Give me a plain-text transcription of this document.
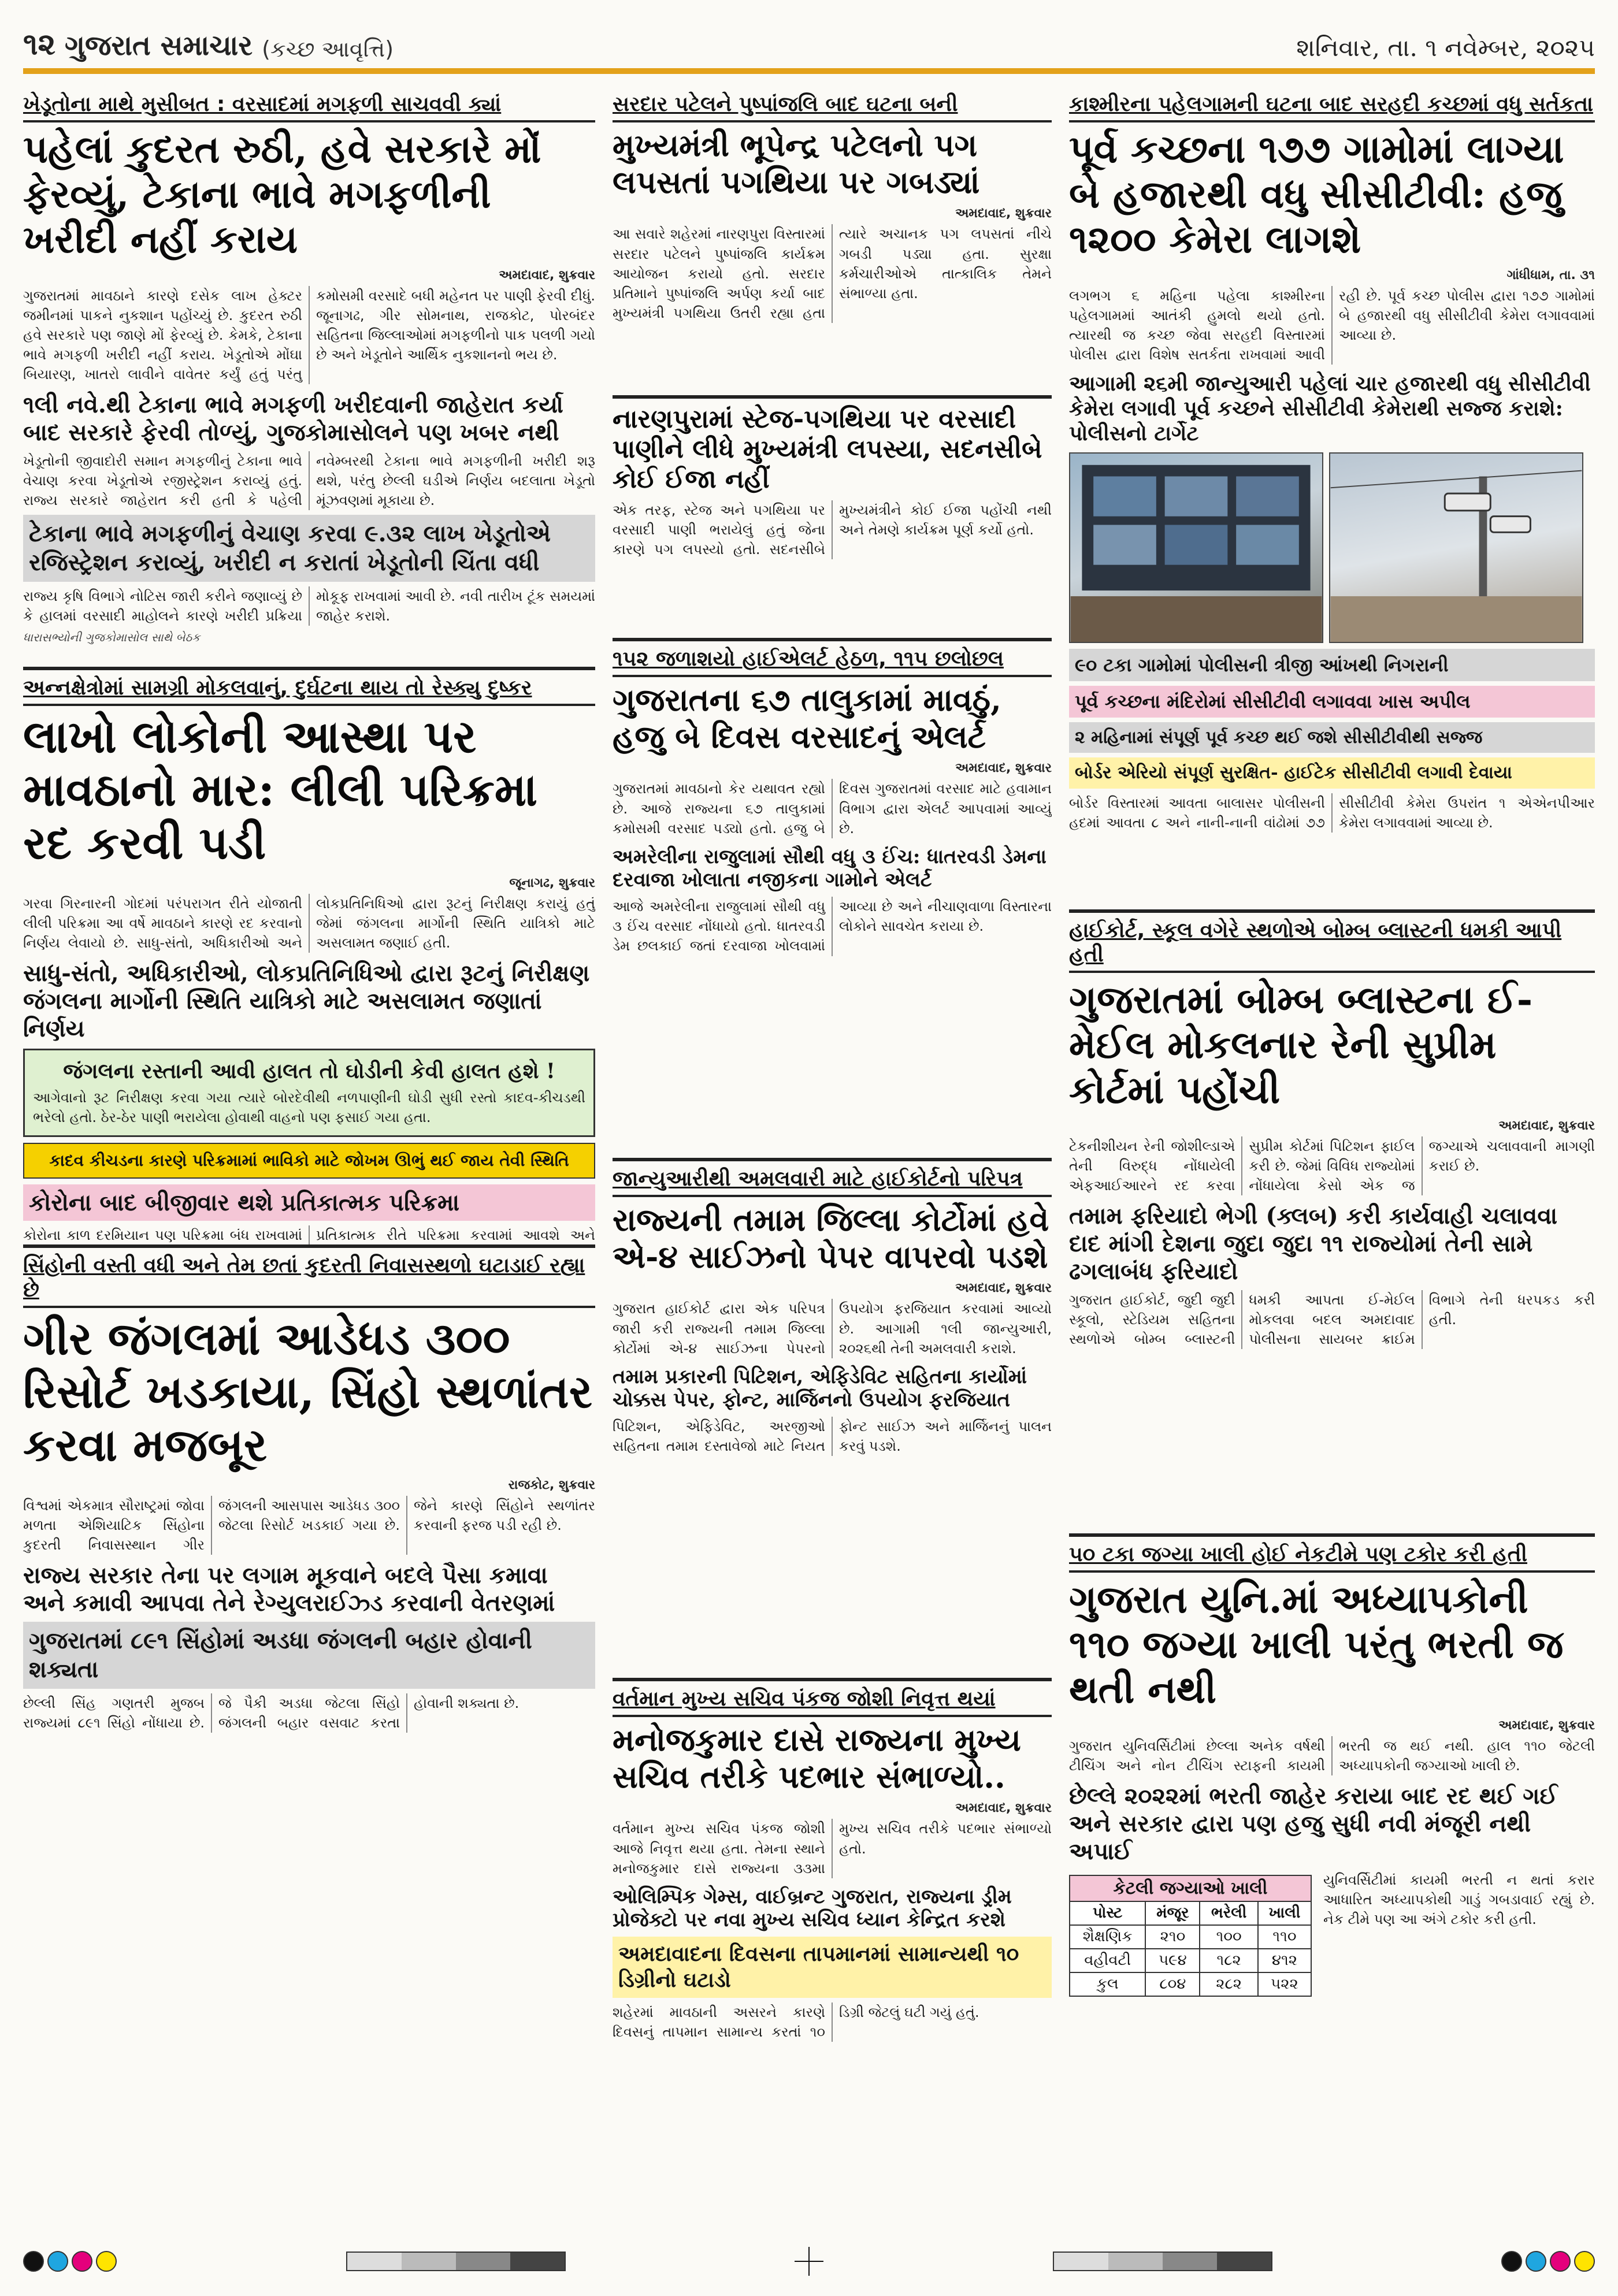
૧૨ ગુજરાત સમાચાર (કચ્છ આવૃત્તિ)	શનિવાર, તા. ૧ નવેમ્બર, ૨૦૨૫
ખેડૂતોના માથે મુસીબત : વરસાદમાં મગફળી સાચવવી ક્યાં
પહેલાં કુદરત રુઠી, હવે સરકારે મોં ફેરવ્યું, ટેકાના ભાવે મગફળીની ખરીદી નહીં કરાય
અમદાવાદ, શુક્રવાર
ગુજરાતમાં માવઠાને કારણે દસેક લાખ હેક્ટર જમીનમાં પાકને નુકશાન પહોંચ્યું છે. કુદરત રુઠી હવે સરકારે પણ જાણે મોં ફેરવ્યું છે. કેમકે, ટેકાના ભાવે મગફળી ખરીદી નહીં કરાય. ખેડૂતોએ મોંઘા બિયારણ, ખાતરો લાવીને વાવેતર કર્યું હતું પરંતુ કમોસમી વરસાદે બધી મહેનત પર પાણી ફેરવી દીધું. જૂનાગઢ, ગીર સોમનાથ, રાજકોટ, પોરબંદર સહિતના જિલ્લાઓમાં મગફળીનો પાક પલળી ગયો છે અને ખેડૂતોને આર્થિક નુકશાનનો ભય છે.
૧લી નવે.થી ટેકાના ભાવે મગફળી ખરીદવાની જાહેરાત કર્યા બાદ સરકારે ફેરવી તોળ્યું, ગુજકોમાસોલને પણ ખબર નથી
ખેડૂતોની જીવાદોરી સમાન મગફળીનું ટેકાના ભાવે વેચાણ કરવા ખેડૂતોએ રજીસ્ટ્રેશન કરાવ્યું હતું. રાજ્ય સરકારે જાહેરાત કરી હતી કે પહેલી નવેમ્બરથી ટેકાના ભાવે મગફળીની ખરીદી શરૂ થશે, પરંતુ છેલ્લી ઘડીએ નિર્ણય બદલાતા ખેડૂતો મૂંઝવણમાં મૂકાયા છે.
ટેકાના ભાવે મગફળીનું વેચાણ કરવા ૯.૩૨ લાખ ખેડૂતોએ રજિસ્ટ્રેશન કરાવ્યું, ખરીદી ન કરાતાં ખેડૂતોની ચિંતા વધી
રાજ્ય કૃષિ વિભાગે નોટિસ જારી કરીને જણાવ્યું છે કે હાલમાં વરસાદી માહોલને કારણે ખરીદી પ્રક્રિયા મોકૂફ રાખવામાં આવી છે. નવી તારીખ ટૂંક સમયમાં જાહેર કરાશે.
ધારાસભ્યોની ગુજકોમાસોલ સાથે બેઠક
અન્નક્ષેત્રોમાં સામગ્રી મોકલવાનું, દુર્ઘટના થાય તો રેસ્ક્યુ દુષ્કર
લાખો લોકોની આસ્થા પર માવઠાનો માર: લીલી પરિક્રમા રદ કરવી પડી
જૂનાગઢ, શુક્રવાર
ગરવા ગિરનારની ગોદમાં પરંપરાગત રીતે યોજાતી લીલી પરિક્રમા આ વર્ષે માવઠાને કારણે રદ કરવાનો નિર્ણય લેવાયો છે. સાધુ-સંતો, અધિકારીઓ અને લોકપ્રતિનિધિઓ દ્વારા રૂટનું નિરીક્ષણ કરાયું હતું જેમાં જંગલના માર્ગોની સ્થિતિ યાત્રિકો માટે અસલામત જણાઈ હતી.
સાધુ-સંતો, અધિકારીઓ, લોકપ્રતિનિધિઓ દ્વારા રૂટનું નિરીક્ષણ જંગલના માર્ગોની સ્થિતિ યાત્રિકો માટે અસલામત જણાતાં નિર્ણય
જંગલના રસ્તાની આવી હાલત તો ઘોડીની કેવી હાલત હશે !
આગેવાનો રૂટ નિરીક્ષણ કરવા ગયા ત્યારે બોરદેવીથી નળપાણીની ઘોડી સુધી રસ્તો કાદવ-કીચડથી ભરેલો હતો. ઠેર-ઠેર પાણી ભરાયેલા હોવાથી વાહનો પણ ફસાઈ ગયા હતા.
કાદવ કીચડના કારણે પરિક્રમામાં ભાવિકો માટે જોખમ ઊભું થઈ જાય તેવી સ્થિતિ
કોરોના બાદ બીજીવાર થશે પ્રતિકાત્મક પરિક્રમા
કોરોના કાળ દરમિયાન પણ પરિક્રમા બંધ રાખવામાં પ્રતિકાત્મક રીતે પરિક્રમા કરવામાં આવશે અને
સિંહોની વસ્તી વધી અને તેમ છતાં કુદરતી નિવાસસ્થળો ઘટાડાઈ રહ્યા છે
ગીર જંગલમાં આડેધડ ૩૦૦ રિસોર્ટ ખડકાયા, સિંહો સ્થળાંતર કરવા મજબૂર
રાજકોટ, શુક્રવાર
વિશ્વમાં એકમાત્ર સૌરાષ્ટ્રમાં જોવા મળતા એશિયાટિક સિંહોના કુદરતી નિવાસસ્થાન ગીર જંગલની આસપાસ આડેધડ ૩૦૦ જેટલા રિસોર્ટ ખડકાઈ ગયા છે. જેને કારણે સિંહોને સ્થળાંતર કરવાની ફરજ પડી રહી છે.
રાજ્ય સરકાર તેના પર લગામ મૂકવાને બદલે પૈસા કમાવા અને કમાવી આપવા તેને રેગ્યુલરાઈઝ્ડ કરવાની વેતરણમાં
ગુજરાતમાં ૮૯૧ સિંહોમાં અડધા જંગલની બહાર હોવાની શક્યતા
છેલ્લી સિંહ ગણતરી મુજબ રાજ્યમાં ૮૯૧ સિંહો નોંધાયા છે. જે પૈકી અડધા જેટલા સિંહો જંગલની બહાર વસવાટ કરતા હોવાની શક્યતા છે.
સરદાર પટેલને પુષ્પાંજલિ બાદ ઘટના બની
મુખ્યમંત્રી ભૂપેન્દ્ર પટેલનો પગ લપસતાં પગથિયા પર ગબડ્યાં
અમદાવાદ, શુક્રવાર
આ સવારે શહેરમાં નારણપુરા વિસ્તારમાં સરદાર પટેલને પુષ્પાંજલિ કાર્યક્રમ આયોજન કરાયો હતો. સરદાર પ્રતિમાને પુષ્પાંજલિ અર્પણ કર્યા બાદ મુખ્યમંત્રી પગથિયા ઉતરી રહ્યા હતા ત્યારે અચાનક પગ લપસતાં નીચે ગબડી પડ્યા હતા. સુરક્ષા કર્મચારીઓએ તાત્કાલિક તેમને સંભાળ્યા હતા.
નારણપુરામાં સ્ટેજ-પગથિયા પર વરસાદી પાણીને લીધે મુખ્યમંત્રી લપસ્યા, સદનસીબે કોઈ ઈજા નહીં
એક તરફ, સ્ટેજ અને પગથિયા પર વરસાદી પાણી ભરાયેલું હતું જેના કારણે પગ લપસ્યો હતો. સદનસીબે મુખ્યમંત્રીને કોઈ ઈજા પહોંચી નથી અને તેમણે કાર્યક્રમ પૂર્ણ કર્યો હતો.
૧૫૨ જળાશયો હાઈએલર્ટ હેઠળ, ૧૧૫ છલોછલ
ગુજરાતના ૬૭ તાલુકામાં માવઠું, હજુ બે દિવસ વરસાદનું એલર્ટ
અમદાવાદ, શુક્રવાર
ગુજરાતમાં માવઠાનો કેર યથાવત રહ્યો છે. આજે રાજ્યના ૬૭ તાલુકામાં કમોસમી વરસાદ પડ્યો હતો. હજુ બે દિવસ ગુજરાતમાં વરસાદ માટે હવામાન વિભાગ દ્વારા એલર્ટ આપવામાં આવ્યું છે.
અમરેલીના રાજુલામાં સૌથી વધુ ૩ ઈંચ: ધાતરવડી ડેમના દરવાજા ખોલાતા નજીકના ગામોને એલર્ટ
આજે અમરેલીના રાજુલામાં સૌથી વધુ ૩ ઈંચ વરસાદ નોંધાયો હતો. ધાતરવડી ડેમ છલકાઈ જતાં દરવાજા ખોલવામાં આવ્યા છે અને નીચાણવાળા વિસ્તારના લોકોને સાવચેત કરાયા છે.
જાન્યુઆરીથી અમલવારી માટે હાઈકોર્ટનો પરિપત્ર
રાજ્યની તમામ જિલ્લા કોર્ટોમાં હવે એ-૪ સાઈઝનો પેપર વાપરવો પડશે
અમદાવાદ, શુક્રવાર
ગુજરાત હાઈકોર્ટ દ્વારા એક પરિપત્ર જારી કરી રાજ્યની તમામ જિલ્લા કોર્ટોમાં એ-૪ સાઈઝના પેપરનો ઉપયોગ ફરજિયાત કરવામાં આવ્યો છે. આગામી ૧લી જાન્યુઆરી, ૨૦૨૬થી તેની અમલવારી કરાશે.
તમામ પ્રકારની પિટિશન, એફિડેવિટ સહિતના કાર્યોમાં ચોક્કસ પેપર, ફોન્ટ, માર્જિનનો ઉપયોગ ફરજિયાત
પિટિશન, એફિડેવિટ, અરજીઓ સહિતના તમામ દસ્તાવેજો માટે નિયત ફોન્ટ સાઈઝ અને માર્જિનનું પાલન કરવું પડશે.
વર્તમાન મુખ્ય સચિવ પંકજ જોશી નિવૃત્ત થયાં
મનોજકુમાર દાસે રાજ્યના મુખ્ય સચિવ તરીકે પદભાર સંભાળ્યો..
અમદાવાદ, શુક્રવાર
વર્તમાન મુખ્ય સચિવ પંકજ જોશી આજે નિવૃત્ત થયા હતા. તેમના સ્થાને મનોજકુમાર દાસે રાજ્યના ૩૩મા મુખ્ય સચિવ તરીકે પદભાર સંભાળ્યો હતો.
ઓલિમ્પિક ગેમ્સ, વાઈબ્રન્ટ ગુજરાત, રાજ્યના ડ્રીમ પ્રોજેક્ટો પર નવા મુખ્ય સચિવ ધ્યાન કેન્દ્રિત કરશે
અમદાવાદના દિવસના તાપમાનમાં સામાન્યથી ૧૦ ડિગ્રીનો ઘટાડો
શહેરમાં માવઠાની અસરને કારણે દિવસનું તાપમાન સામાન્ય કરતાં ૧૦ ડિગ્રી જેટલું ઘટી ગયું હતું.
કાશ્મીરના પહેલગામની ઘટના બાદ સરહદી કચ્છમાં વધુ સર્તકતા
પૂર્વ કચ્છના ૧૭૭ ગામોમાં લાગ્યા બે હજારથી વધુ સીસીટીવી: હજુ ૧૨૦૦ કેમેરા લાગશે
ગાંધીધામ, તા. ૩૧
લગભગ ૬ મહિના પહેલા કાશ્મીરના પહેલગામમાં આતંકી હુમલો થયો હતો. ત્યારથી જ કચ્છ જેવા સરહદી વિસ્તારમાં પોલીસ દ્વારા વિશેષ સતર્કતા રાખવામાં આવી રહી છે. પૂર્વ કચ્છ પોલીસ દ્વારા ૧૭૭ ગામોમાં બે હજારથી વધુ સીસીટીવી કેમેરા લગાવવામાં આવ્યા છે.
આગામી ૨૬મી જાન્યુઆરી પહેલાં ચાર હજારથી વધુ સીસીટીવી કેમેરા લગાવી પૂર્વ કચ્છને સીસીટીવી કેમેરાથી સજ્જ કરાશે: પોલીસનો ટાર્ગેટ
૯૦ ટકા ગામોમાં પોલીસની ત્રીજી આંખથી નિગરાની
પૂર્વ કચ્છના મંદિરોમાં સીસીટીવી લગાવવા ખાસ અપીલ
૨ મહિનામાં સંપૂર્ણ પૂર્વ કચ્છ થઈ જશે સીસીટીવીથી સજ્જ
બોર્ડર એરિયો સંપૂર્ણ સુરક્ષિત- હાઈટેક સીસીટીવી લગાવી દેવાયા
બોર્ડર વિસ્તારમાં આવતા બાલાસર પોલીસની હદમાં આવતા ૮ અને નાની-નાની વાંઢોમાં ૭૭ સીસીટીવી કેમેરા ઉપરાંત ૧ એએનપીઆર કેમેરા લગાવવામાં આવ્યા છે.
હાઈકોર્ટ, સ્કૂલ વગેરે સ્થળોએ બોમ્બ બ્લાસ્ટની ધમકી આપી હતી
ગુજરાતમાં બોમ્બ બ્લાસ્ટના ઈ-મેઈલ મોકલનાર રેની સુપ્રીમ કોર્ટમાં પહોંચી
અમદાવાદ, શુક્રવાર
ટેકનીશીયન રેની જોશીલ્ડાએ તેની વિરુદ્ધ નોંધાયેલી એફઆઈઆરને રદ કરવા સુપ્રીમ કોર્ટમાં પિટિશન ફાઈલ કરી છે. જેમાં વિવિધ રાજ્યોમાં નોંધાયેલા કેસો એક જ જગ્યાએ ચલાવવાની માગણી કરાઈ છે.
તમામ ફરિયાદો ભેગી (ક્લબ) કરી કાર્યવાહી ચલાવવા દાદ માંગી દેશના જુદા જુદા ૧૧ રાજ્યોમાં તેની સામે ઢગલાબંધ ફરિયાદો
ગુજરાત હાઈકોર્ટ, જુદી જુદી સ્કૂલો, સ્ટેડિયમ સહિતના સ્થળોએ બોમ્બ બ્લાસ્ટની ધમકી આપતા ઈ-મેઈલ મોકલવા બદલ અમદાવાદ પોલીસના સાયબર ક્રાઈમ વિભાગે તેની ધરપકડ કરી હતી.
૫૦ ટકા જગ્યા ખાલી હોઈ નેકટીમે પણ ટકોર કરી હતી
ગુજરાત યુનિ.માં અધ્યાપકોની ૧૧૦ જગ્યા ખાલી પરંતુ ભરતી જ થતી નથી
અમદાવાદ, શુક્રવાર
ગુજરાત યુનિવર્સિટીમાં છેલ્લા અનેક વર્ષથી ટીચિંગ અને નોન ટીચિંગ સ્ટાફની કાયમી ભરતી જ થઈ નથી. હાલ ૧૧૦ જેટલી અધ્યાપકોની જગ્યાઓ ખાલી છે.
છેલ્લે ૨૦૨૨માં ભરતી જાહેર કરાયા બાદ રદ થઈ ગઈ અને સરકાર દ્વારા પણ હજુ સુધી નવી મંજૂરી નથી અપાઈ
કેટલી જગ્યાઓ ખાલી
પોસ્ટ	મંજૂર	ભરેલી	ખાલી
શૈક્ષણિક	૨૧૦	૧૦૦	૧૧૦
વહીવટી	૫૯૪	૧૮૨	૪૧૨
કુલ	૮૦૪	૨૮૨	૫૨૨
યુનિવર્સિટીમાં કાયમી ભરતી ન થતાં કરાર આધારિત અધ્યાપકોથી ગાડું ગબડાવાઈ રહ્યું છે. નેક ટીમે પણ આ અંગે ટકોર કરી હતી.
